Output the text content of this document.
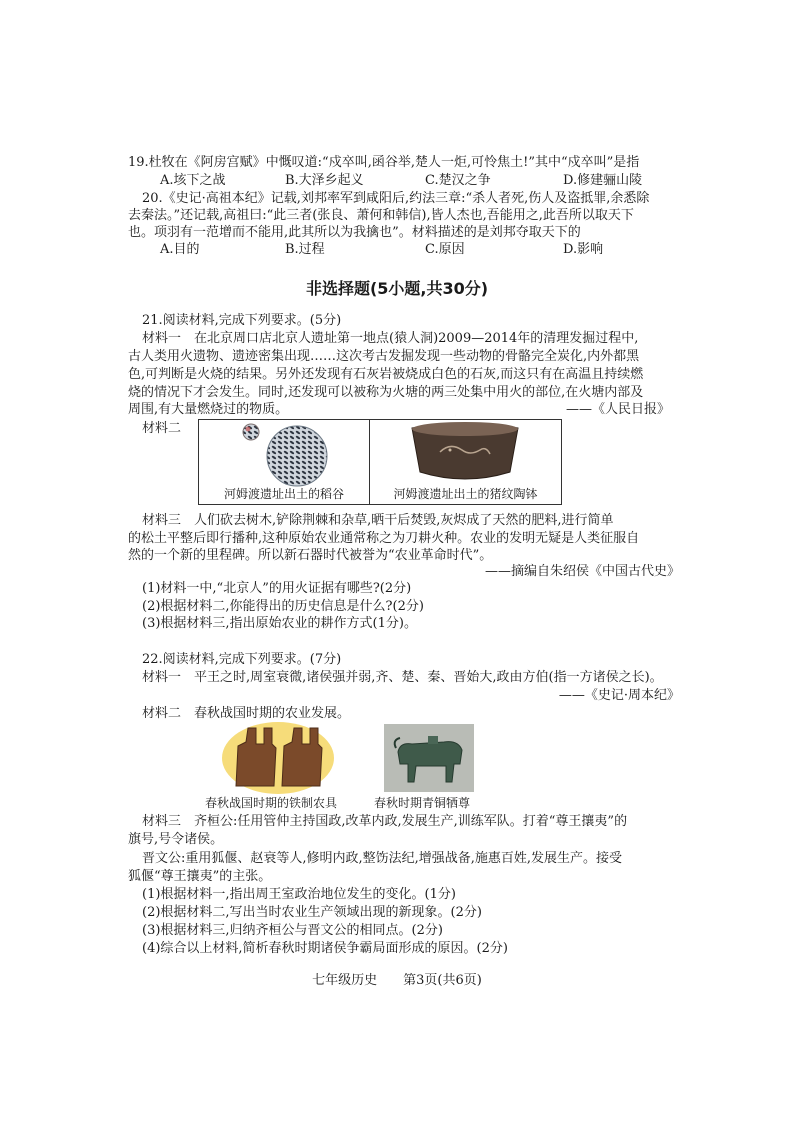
19.杜牧在《阿房宫赋》中慨叹道:“戍卒叫,函谷举,楚人一炬,可怜焦土!”其中“戍卒叫”是指
A.垓下之战	B.大泽乡起义	C.楚汉之争	D.修建骊山陵
20.《史记·高祖本纪》记载,刘邦率军到咸阳后,约法三章:“杀人者死,伤人及盗抵罪,余悉除
去秦法。”还记载,高祖曰:“此三者(张良、萧何和韩信),皆人杰也,吾能用之,此吾所以取天下
也。项羽有一范增而不能用,此其所以为我擒也”。材料描述的是刘邦夺取天下的
A.目的	B.过程	C.原因	D.影响
非选择题(5小题,共30分)
21.阅读材料,完成下列要求。(5分)
材料一　在北京周口店北京人遗址第一地点(猿人洞)2009—2014年的清理发掘过程中,
古人类用火遗物、遗迹密集出现……这次考古发掘发现一些动物的骨骼完全炭化,内外都黑
色,可判断是火烧的结果。另外还发现有石灰岩被烧成白色的石灰,而这只有在高温且持续燃
烧的情况下才会发生。同时,还发现可以被称为火塘的两三处集中用火的部位,在火塘内部及
周围,有大量燃烧过的物质。	——《人民日报》
材料二
河姆渡遗址出土的稻谷	河姆渡遗址出土的猪纹陶钵
材料三　人们砍去树木,铲除荆棘和杂草,晒干后焚毁,灰烬成了天然的肥料,进行简单
的松土平整后即行播种,这种原始农业通常称之为刀耕火种。农业的发明无疑是人类征服自
然的一个新的里程碑。所以新石器时代被誉为“农业革命时代”。
——摘编自朱绍侯《中国古代史》
(1)材料一中,“北京人”的用火证据有哪些?(2分)
(2)根据材料二,你能得出的历史信息是什么?(2分)
(3)根据材料三,指出原始农业的耕作方式(1分)。
22.阅读材料,完成下列要求。(7分)
材料一　平王之时,周室衰微,诸侯强并弱,齐、楚、秦、晋始大,政由方伯(指一方诸侯之长)。
——《史记·周本纪》
材料二　春秋战国时期的农业发展。
春秋战国时期的铁制农具	春秋时期青铜牺尊
材料三　齐桓公:任用管仲主持国政,改革内政,发展生产,训练军队。打着“尊王攘夷”的
旗号,号令诸侯。
晋文公:重用狐偃、赵衰等人,修明内政,整饬法纪,增强战备,施惠百姓,发展生产。接受
狐偃“尊王攘夷”的主张。
(1)根据材料一,指出周王室政治地位发生的变化。(1分)
(2)根据材料二,写出当时农业生产领域出现的新现象。(2分)
(3)根据材料三,归纳齐桓公与晋文公的相同点。(2分)
(4)综合以上材料,简析春秋时期诸侯争霸局面形成的原因。(2分)
七年级历史　　第3页(共6页)
